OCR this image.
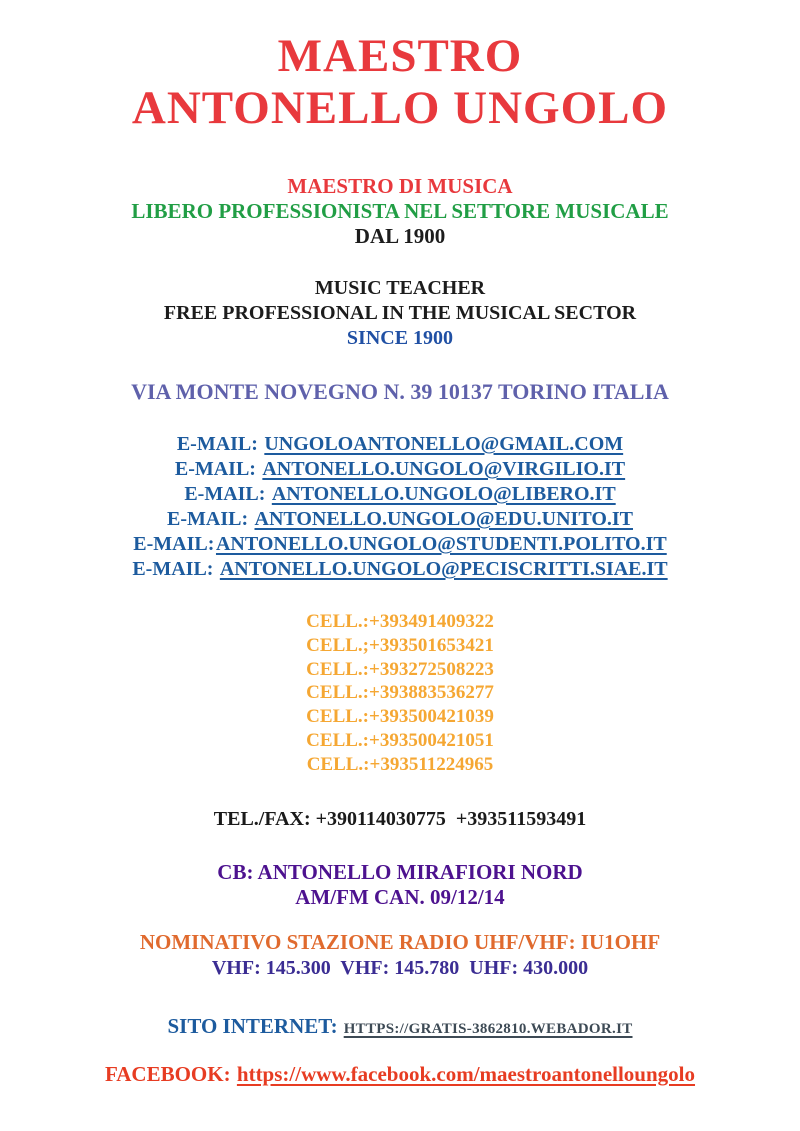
MAESTRO
ANTONELLO UNGOLO
MAESTRO DI MUSICA
LIBERO PROFESSIONISTA NEL SETTORE MUSICALE
DAL 1900
MUSIC TEACHER
FREE PROFESSIONAL IN THE MUSICAL SECTOR
SINCE 1900
VIA MONTE NOVEGNO N. 39 10137 TORINO ITALIA
E-MAIL: UNGOLOANTONELLO@GMAIL.COM
E-MAIL: ANTONELLO.UNGOLO@VIRGILIO.IT
E-MAIL: ANTONELLO.UNGOLO@LIBERO.IT
E-MAIL: ANTONELLO.UNGOLO@EDU.UNITO.IT
E-MAIL:ANTONELLO.UNGOLO@STUDENTI.POLITO.IT
E-MAIL: ANTONELLO.UNGOLO@PECISCRITTI.SIAE.IT
CELL.:+393491409322
CELL.;+393501653421
CELL.:+393272508223
CELL.:+393883536277
CELL.:+393500421039
CELL.:+393500421051
CELL.:+393511224965
TEL./FAX: +390114030775  +393511593491
CB: ANTONELLO MIRAFIORI NORD
AM/FM CAN. 09/12/14
NOMINATIVO STAZIONE RADIO UHF/VHF: IU1OHF
VHF: 145.300  VHF: 145.780  UHF: 430.000
SITO INTERNET: HTTPS://GRATIS-3862810.WEBADOR.IT
FACEBOOK: https://www.facebook.com/maestroantonelloungolo
